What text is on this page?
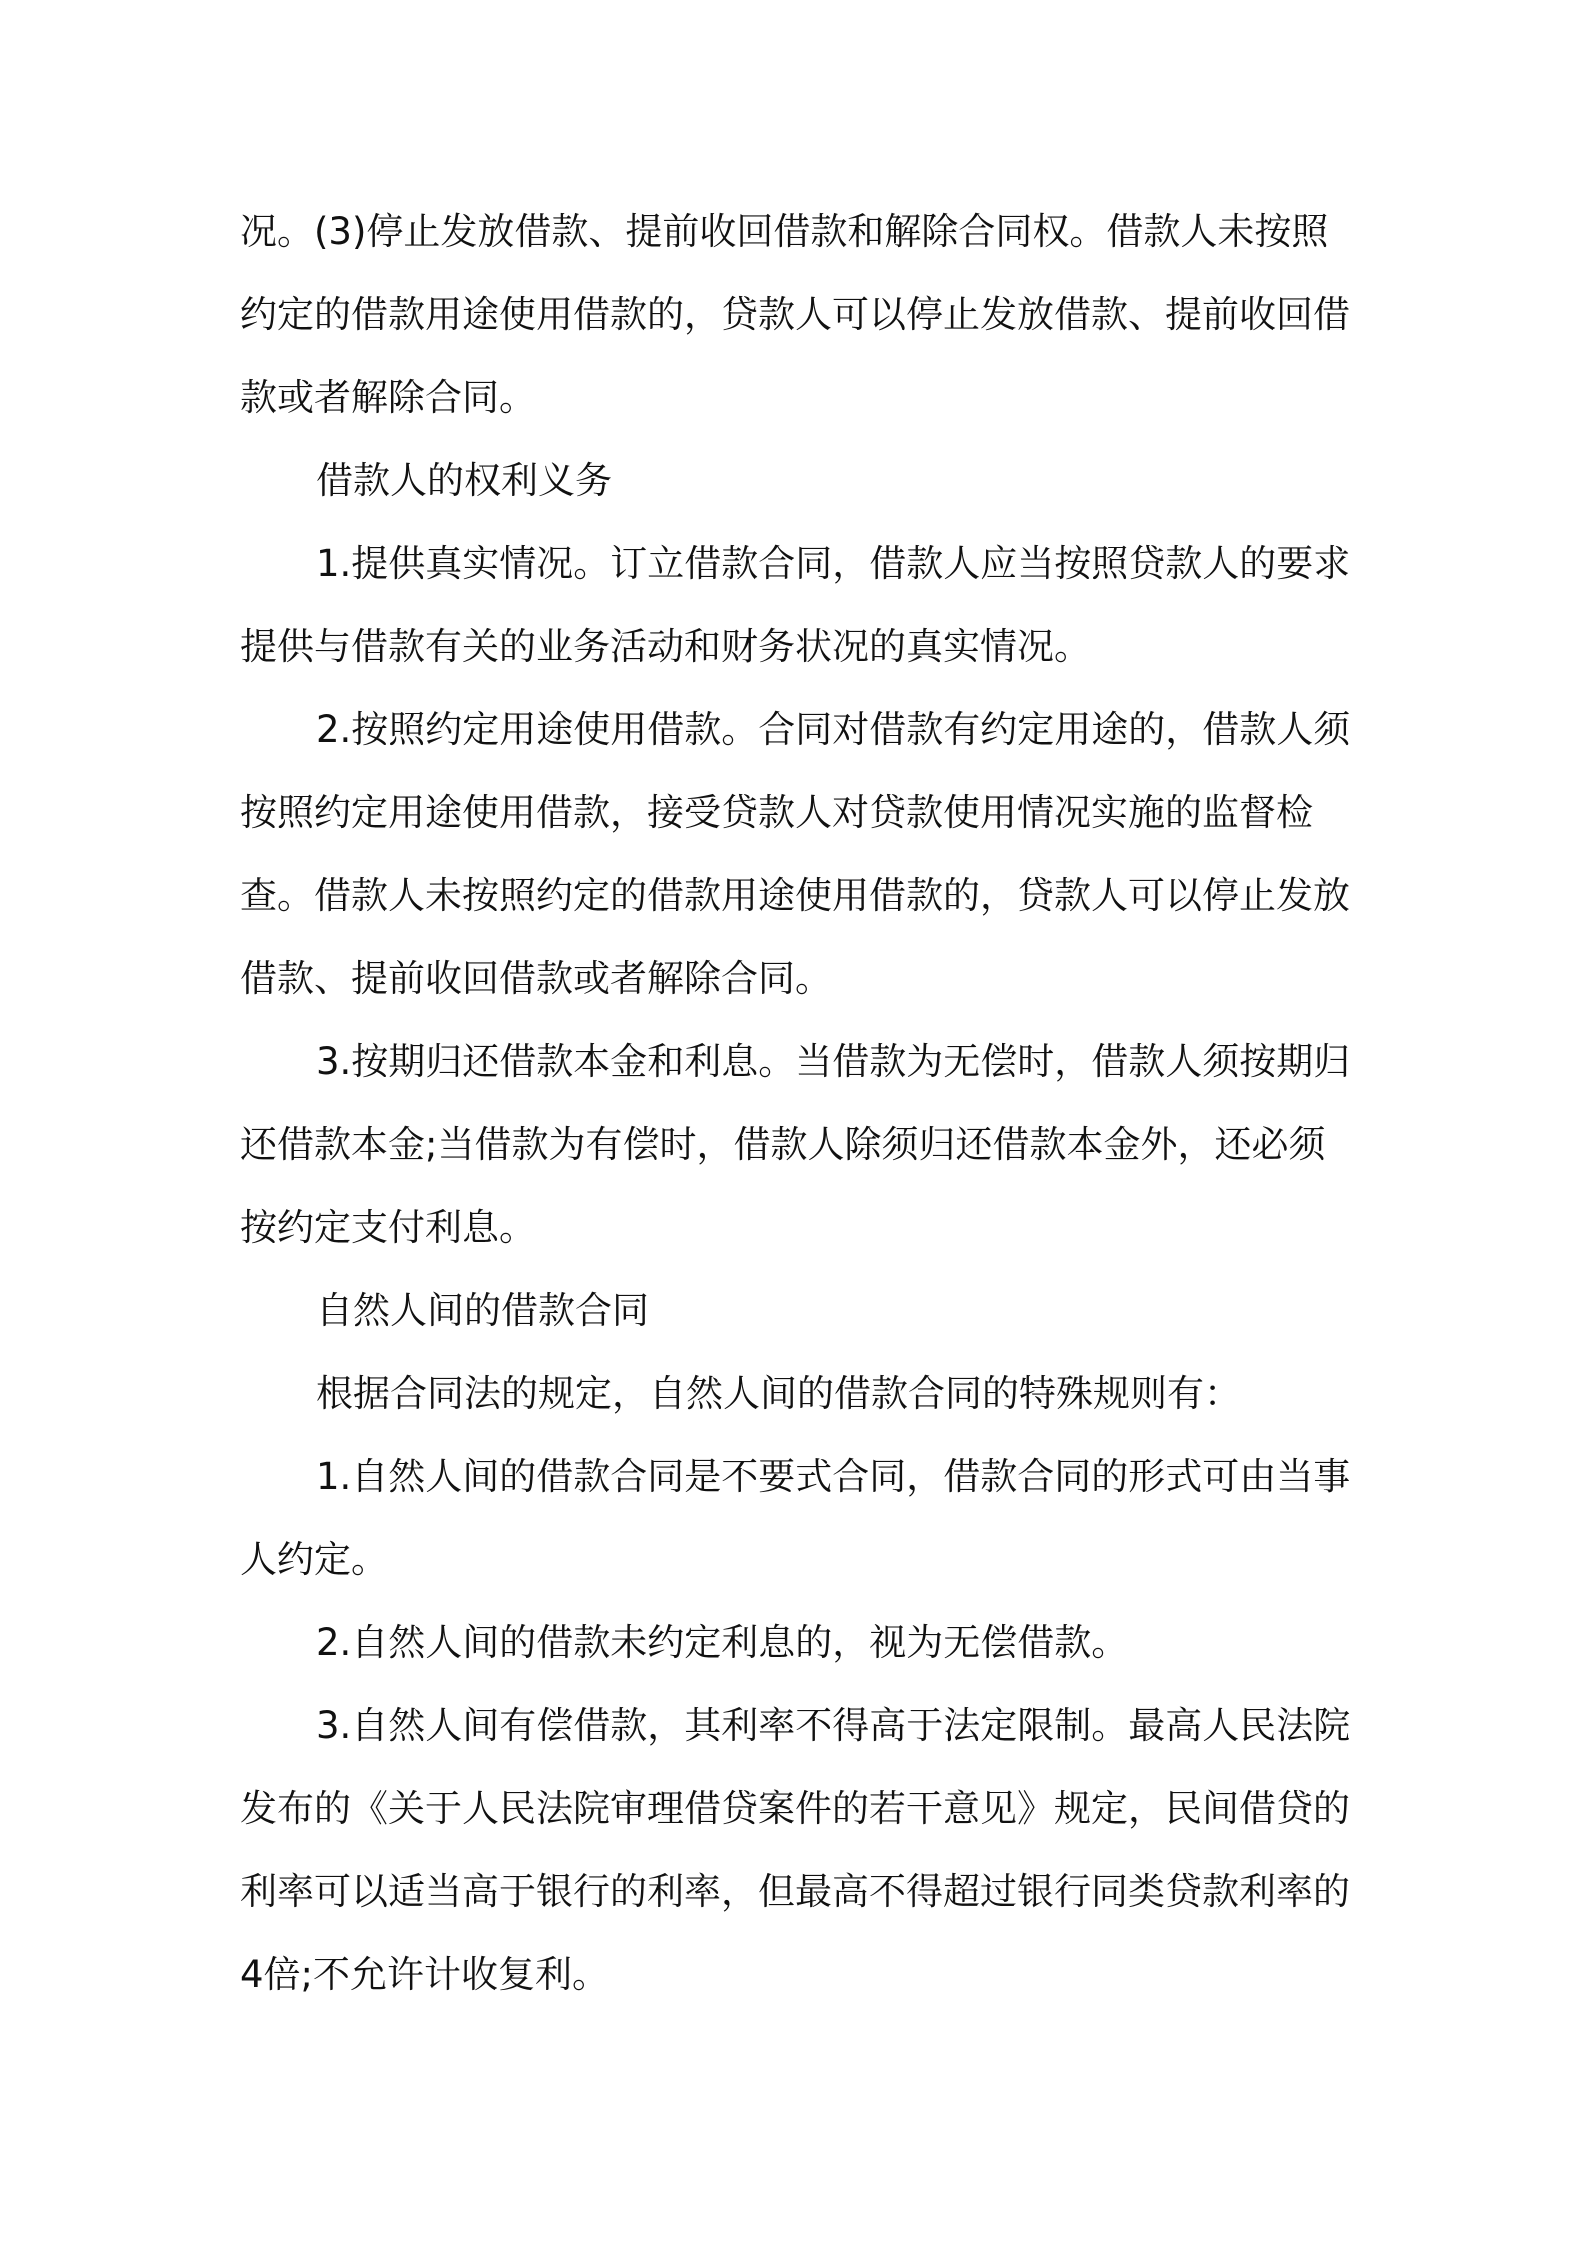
况。(3)停止发放借款、提前收回借款和解除合同权。借款人未按照约定的借款用途使用借款的，贷款人可以停止发放借款、提前收回借款或者解除合同。

借款人的权利义务

1.提供真实情况。订立借款合同，借款人应当按照贷款人的要求提供与借款有关的业务活动和财务状况的真实情况。

2.按照约定用途使用借款。合同对借款有约定用途的，借款人须按照约定用途使用借款，接受贷款人对贷款使用情况实施的监督检查。借款人未按照约定的借款用途使用借款的，贷款人可以停止发放借款、提前收回借款或者解除合同。

3.按期归还借款本金和利息。当借款为无偿时，借款人须按期归还借款本金;当借款为有偿时，借款人除须归还借款本金外，还必须按约定支付利息。

自然人间的借款合同

根据合同法的规定，自然人间的借款合同的特殊规则有：

1.自然人间的借款合同是不要式合同，借款合同的形式可由当事人约定。

2.自然人间的借款未约定利息的，视为无偿借款。

3.自然人间有偿借款，其利率不得高于法定限制。最高人民法院发布的《关于人民法院审理借贷案件的若干意见》规定，民间借贷的利率可以适当高于银行的利率，但最高不得超过银行同类贷款利率的4倍;不允许计收复利。
